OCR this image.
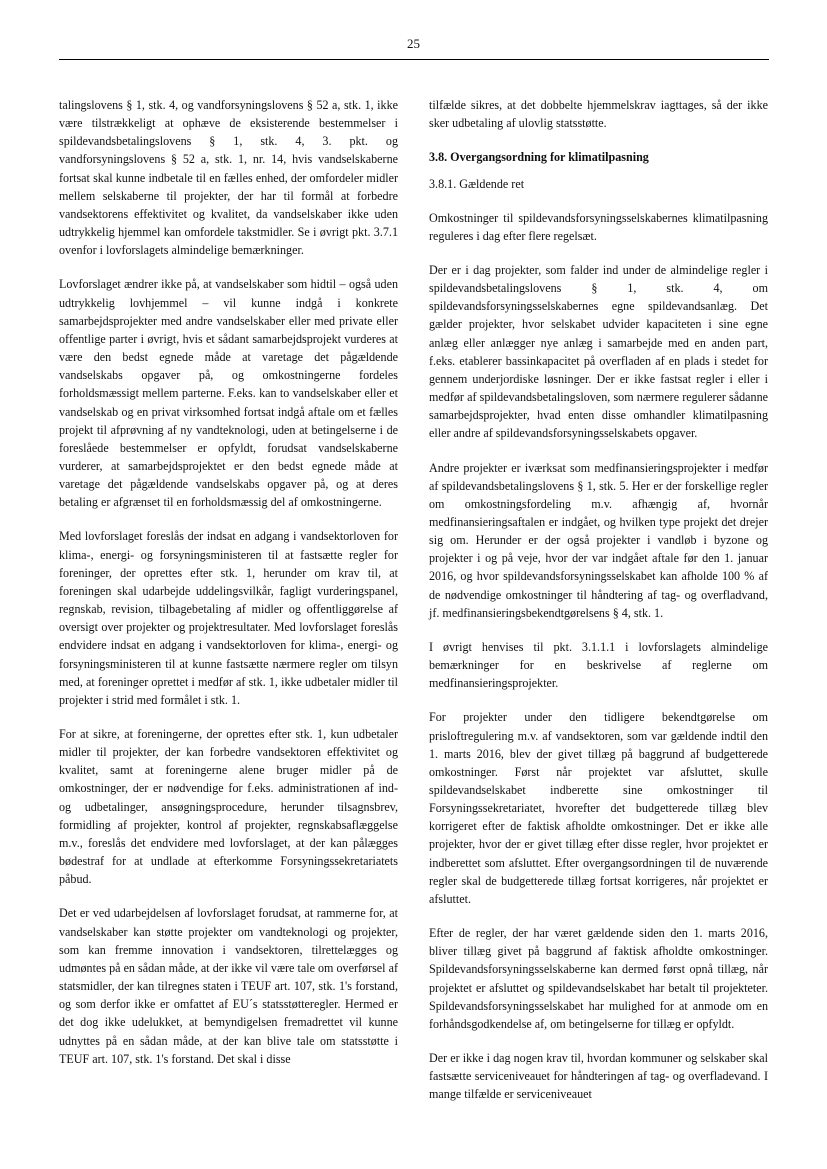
25

talingslovens § 1, stk. 4, og vandforsyningslovens § 52 a, stk. 1, ikke være tilstrækkeligt at ophæve de eksisterende bestemmelser i spildevandsbetalingslovens § 1, stk. 4, 3. pkt. og vandforsyningslovens § 52 a, stk. 1, nr. 14, hvis vandselskaberne fortsat skal kunne indbetale til en fælles enhed, der omfordeler midler mellem selskaberne til projekter, der har til formål at forbedre vandsektorens effektivitet og kvalitet, da vandselskaber ikke uden udtrykkelig hjemmel kan omfordele takstmidler. Se i øvrigt pkt. 3.7.1 ovenfor i lovforslagets almindelige bemærkninger.

Lovforslaget ændrer ikke på, at vandselskaber som hidtil – også uden udtrykkelig lovhjemmel – vil kunne indgå i konkrete samarbejdsprojekter med andre vandselskaber eller med private eller offentlige parter i øvrigt, hvis et sådant samarbejdsprojekt vurderes at være den bedst egnede måde at varetage det pågældende vandselskabs opgaver på, og omkostningerne fordeles forholdsmæssigt mellem parterne. F.eks. kan to vandselskaber eller et vandselskab og en privat virksomhed fortsat indgå aftale om et fælles projekt til afprøvning af ny vandteknologi, uden at betingelserne i de foreslåede bestemmelser er opfyldt, forudsat vandselskaberne vurderer, at samarbejdsprojektet er den bedst egnede måde at varetage det pågældende vandselskabs opgaver på, og at deres betaling er afgrænset til en forholdsmæssig del af omkostningerne.

Med lovforslaget foreslås der indsat en adgang i vandsektorloven for klima-, energi- og forsyningsministeren til at fastsætte regler for foreninger, der oprettes efter stk. 1, herunder om krav til, at foreningen skal udarbejde uddelingsvilkår, fagligt vurderingspanel, regnskab, revision, tilbagebetaling af midler og offentliggørelse af oversigt over projekter og projektresultater. Med lovforslaget foreslås endvidere indsat en adgang i vandsektorloven for klima-, energi- og forsyningsministeren til at kunne fastsætte nærmere regler om tilsyn med, at foreninger oprettet i medfør af stk. 1, ikke udbetaler midler til projekter i strid med formålet i stk. 1.

For at sikre, at foreningerne, der oprettes efter stk. 1, kun udbetaler midler til projekter, der kan forbedre vandsektoren effektivitet og kvalitet, samt at foreningerne alene bruger midler på de omkostninger, der er nødvendige for f.eks. administrationen af ind- og udbetalinger, ansøgningsprocedure, herunder tilsagnsbrev, formidling af projekter, kontrol af projekter, regnskabsaflæggelse m.v., foreslås det endvidere med lovforslaget, at der kan pålægges bødestraf for at undlade at efterkomme Forsyningssekretariatets påbud.

Det er ved udarbejdelsen af lovforslaget forudsat, at rammerne for, at vandselskaber kan støtte projekter om vandteknologi og projekter, som kan fremme innovation i vandsektoren, tilrettelægges og udmøntes på en sådan måde, at der ikke vil være tale om overførsel af statsmidler, der kan tilregnes staten i TEUF art. 107, stk. 1's forstand, og som derfor ikke er omfattet af EU´s statsstøtteregler. Hermed er det dog ikke udelukket, at bemyndigelsen fremadrettet vil kunne udnyttes på en sådan måde, at der kan blive tale om statsstøtte i TEUF art. 107, stk. 1's forstand. Det skal i disse

tilfælde sikres, at det dobbelte hjemmelskrav iagttages, så der ikke sker udbetaling af ulovlig statsstøtte.

3.8. Overgangsordning for klimatilpasning
3.8.1. Gældende ret

Omkostninger til spildevandsforsyningsselskabernes klimatilpasning reguleres i dag efter flere regelsæt.

Der er i dag projekter, som falder ind under de almindelige regler i spildevandsbetalingslovens § 1, stk. 4, om spildevandsforsyningsselskabernes egne spildevandsanlæg. Det gælder projekter, hvor selskabet udvider kapaciteten i sine egne anlæg eller anlægger nye anlæg i samarbejde med en anden part, f.eks. etablerer bassinkapacitet på overfladen af en plads i stedet for gennem underjordiske løsninger. Der er ikke fastsat regler i eller i medfør af spildevandsbetalingsloven, som nærmere regulerer sådanne samarbejdsprojekter, hvad enten disse omhandler klimatilpasning eller andre af spildevandsforsyningsselskabets opgaver.

Andre projekter er iværksat som medfinansieringsprojekter i medfør af spildevandsbetalingslovens § 1, stk. 5. Her er der forskellige regler om omkostningsfordeling m.v. afhængig af, hvornår medfinansieringsaftalen er indgået, og hvilken type projekt det drejer sig om. Herunder er der også projekter i vandløb i byzone og projekter i og på veje, hvor der var indgået aftale før den 1. januar 2016, og hvor spildevandsforsyningsselskabet kan afholde 100 % af de nødvendige omkostninger til håndtering af tag- og overfladvand, jf. medfinansieringsbekendtgørelsens § 4, stk. 1.

I øvrigt henvises til pkt. 3.1.1.1 i lovforslagets almindelige bemærkninger for en beskrivelse af reglerne om medfinansieringsprojekter.

For projekter under den tidligere bekendtgørelse om prisloftregulering m.v. af vandsektoren, som var gældende indtil den 1. marts 2016, blev der givet tillæg på baggrund af budgetterede omkostninger. Først når projektet var afsluttet, skulle spildevandselskabet indberette sine omkostninger til Forsyningssekretariatet, hvorefter det budgetterede tillæg blev korrigeret efter de faktisk afholdte omkostninger. Det er ikke alle projekter, hvor der er givet tillæg efter disse regler, hvor projektet er indberettet som afsluttet. Efter overgangsordningen til de nuværende regler skal de budgetterede tillæg fortsat korrigeres, når projektet er afsluttet.

Efter de regler, der har været gældende siden den 1. marts 2016, bliver tillæg givet på baggrund af faktisk afholdte omkostninger. Spildevandsforsyningsselskaberne kan dermed først opnå tillæg, når projektet er afsluttet og spildevandselskabet har betalt til projekteter. Spildevandsforsyningsselskabet har mulighed for at anmode om en forhåndsgodkendelse af, om betingelserne for tillæg er opfyldt.

Der er ikke i dag nogen krav til, hvordan kommuner og selskaber skal fastsætte serviceniveauet for håndteringen af tag- og overfladevand. I mange tilfælde er serviceniveauet
